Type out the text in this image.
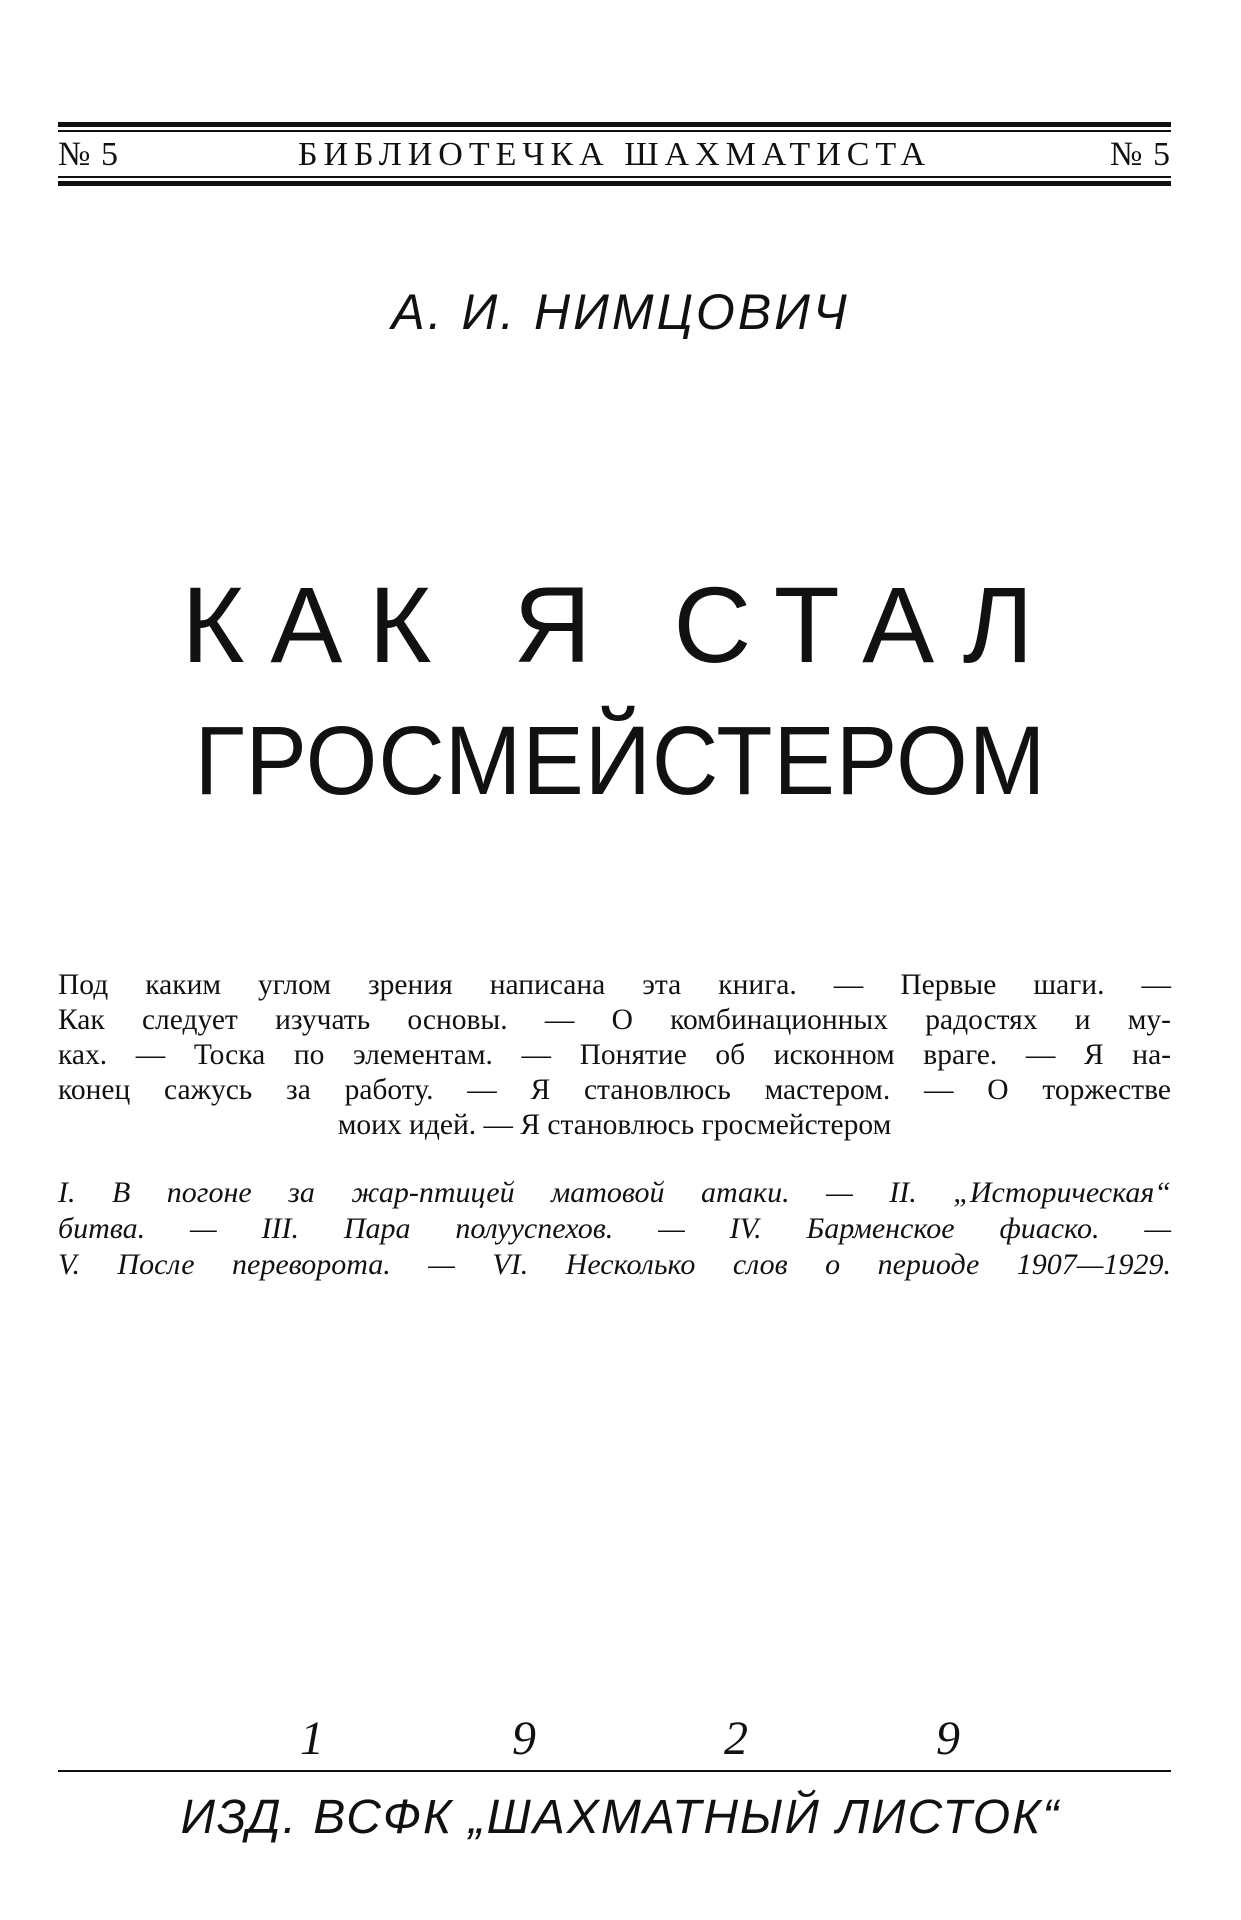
№ 5	БИБЛИОТЕЧКА ШАХМАТИСТА	№ 5
А. И. НИМЦОВИЧ
КАК Я СТАЛ
ГРОСМЕЙСТЕРОМ
Под каким углом зрения написана эта книга. — Первые шаги. —
Как следует изучать основы. — О комбинационных радостях и му-
ках. — Тоска по элементам. — Понятие об исконном враге. — Я на-
конец сажусь за работу. — Я становлюсь мастером. — О торжестве
моих идей. — Я становлюсь гросмейстером
I. В погоне за жар-птицей матовой атаки. — II. „Историческая“
битва. — III. Пара полууспехов. — IV. Барменское фиаско. —
V. После переворота. — VI. Несколько слов о периоде 1907—1929.
1	9	2	9
ИЗД. ВСФК „ШАХМАТНЫЙ ЛИСТОК“
